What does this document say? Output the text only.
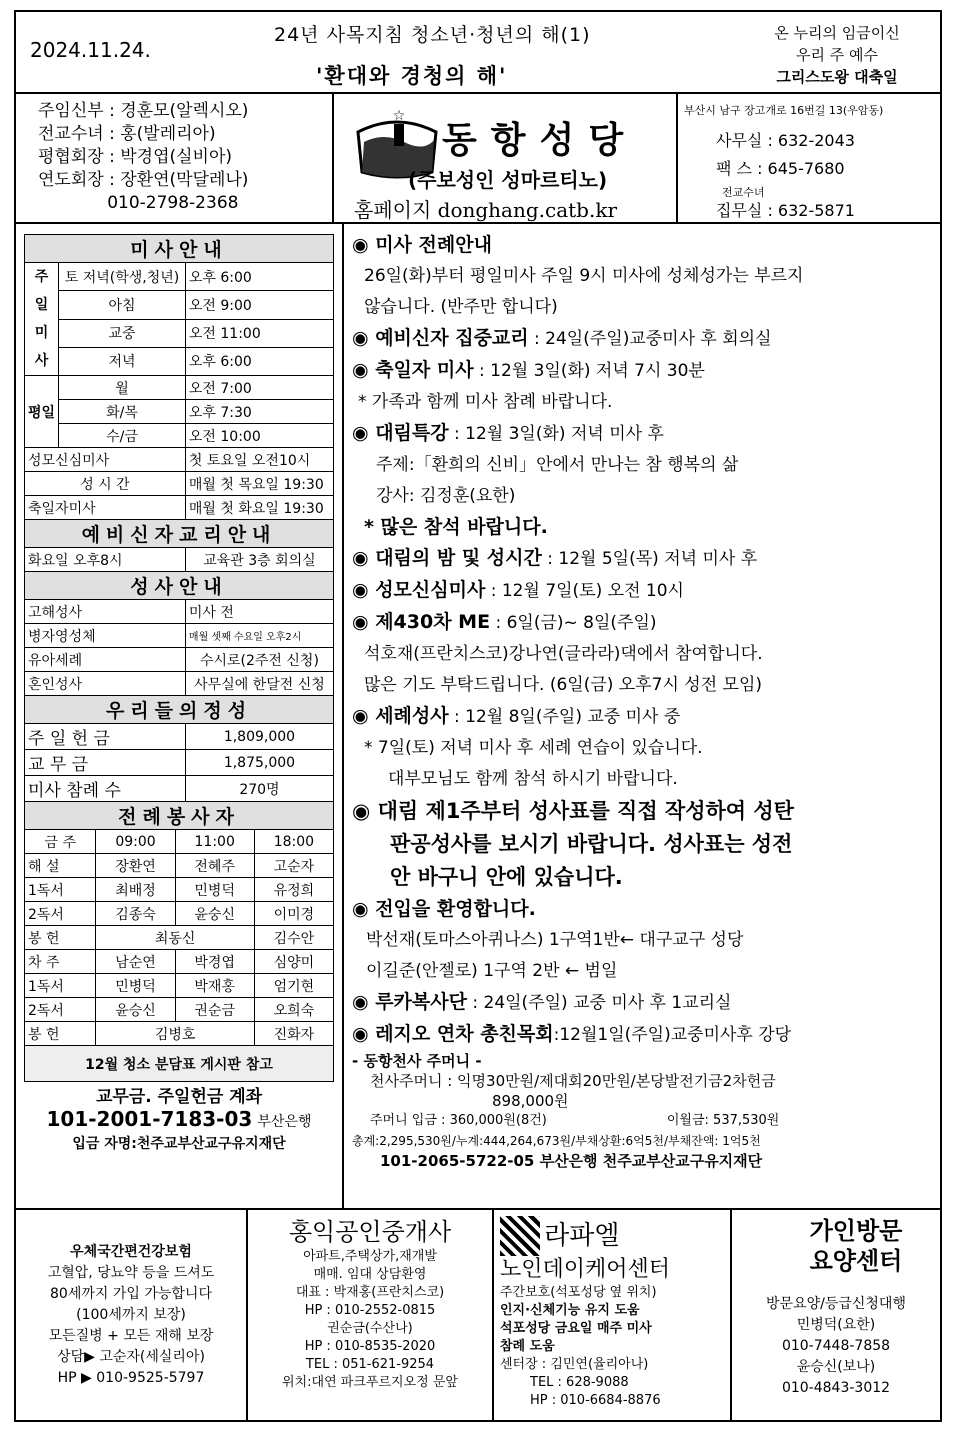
2024.11.24.
24년 사목지침 청소년·청년의 해(1)
'환대와 경청의 해'
온 누리의 임금이신
우리 주 예수
그리스도왕 대축일
주임신부 : 경훈모(알렉시오)
전교수녀 : 홍(발레리아)
평협회장 : 박경엽(실비아)
연도회장 : 장환연(막달레나)
010-2798-2368
☆
동항성당
(주보성인 성마르티노)
홈페이지 donghang.catb.kr
부산시 남구 장고개로 16번길 13(우암동)
사무실 : 632-2043
팩 스 : 645-7680
전교수녀
집무실 : 632-5871
미사안내		
주
일
미
사	토 저녁(학생,청년)	오후 6:00
	아침	오전 9:00
	교중	오전 11:00
	저녁	오후 6:00
평일	월	오전 7:00
	화/목	오후 7:30
	수/금	오전 10:00
성모신심미사		첫 토요일 오전10시
성 시 간		매월 첫 목요일 19:30
축일자미사		매월 첫 화요일 19:30
예비신자교리안내		
화요일 오후8시		교육관 3층 회의실
성사안내		
고해성사		미사 전
병자영성체		매월 셋째 수요일 오후2시
유아세례		수시로(2주전 신청)
혼인성사		사무실에 한달전 신청
우리들의정성		
주 일 헌 금		1,809,000
교 무 금		1,875,000
미사 참례 수		270명
전례봉사자			
금 주	09:00	11:00	18:00
해 설	장환연	전혜주	고순자
1독서	최배정	민병덕	유정희
2독서	김종숙	윤숭신	이미경
봉 헌	최동신		김수안
차 주	남순연	박경엽	심양미
1독서	민병덕	박재홍	엄기현
2독서	윤승신	권순금	오희숙
봉 헌	김병호		진화자
12월 청소 분담표 게시판 참고			
교무금. 주일헌금 계좌
101-2001-7183-03 부산은행
입금 자명:천주교부산교구유지재단
◉ 미사 전례안내
26일(화)부터 평일미사 주일 9시 미사에 성체성가는 부르지
않습니다. (반주만 합니다)
◉ 예비신자 집중교리 : 24일(주일)교중미사 후 회의실
◉ 축일자 미사 : 12월 3일(화) 저녁 7시 30분
* 가족과 함께 미사 참례 바랍니다.
◉ 대림특강 : 12월 3일(화) 저녁 미사 후
주제:「환희의 신비」안에서 만나는 참 행복의 삶
강사: 김정훈(요한)
* 많은 참석 바랍니다.
◉ 대림의 밤 및 성시간 : 12월 5일(목) 저녁 미사 후
◉ 성모신심미사 : 12월 7일(토) 오전 10시
◉ 제430차 ME : 6일(금)~ 8일(주일)
석호재(프란치스코)강나연(글라라)댁에서 참여합니다.
많은 기도 부탁드립니다. (6일(금) 오후7시 성전 모임)
◉ 세례성사 : 12월 8일(주일) 교중 미사 중
* 7일(토) 저녁 미사 후 세례 연습이 있습니다.
대부모님도 함께 참석 하시기 바랍니다.
◉ 대림 제1주부터 성사표를 직접 작성하여 성탄
판공성사를 보시기 바랍니다. 성사표는 성전
안 바구니 안에 있습니다.
◉ 전입을 환영합니다.
박선재(토마스아퀴나스) 1구역1반← 대구교구 성당
이길준(안젤로) 1구역 2반 ← 범일
◉ 루카복사단 : 24일(주일) 교중 미사 후 1교리실
◉ 레지오 연차 총친목회:12월1일(주일)교중미사후 강당
- 동항천사 주머니 -
천사주머니 : 익명30만원/제대회20만원/본당발전기금2차헌금
898,000원
주머니 입금 : 360,000원(8건)	이월금: 537,530원
총계:2,295,530원/누계:444,264,673원/부채상환:6억5천/부채잔액: 1억5천
101-2065-5722-05 부산은행 천주교부산교구유지재단
우체국간편건강보험
고혈압, 당뇨약 등을 드셔도
80세까지 가입 가능합니다
(100세까지 보장)
모든질병 + 모든 재해 보장
상담▶ 고순자(세실리아)
HP ▶ 010-9525-5797
홍익공인중개사
아파트,주택상가,재개발
매매. 임대 상담환영
대표 : 박재홍(프란치스코)
HP : 010-2552-0815
권순금(수산나)
HP : 010-8535-2020
TEL : 051-621-9254
위치:대연 파크푸르지오정 문앞
라파엘
노인데이케어센터
주간보호(석포성당 옆 위치)
인지·신체기능 유지 도움
석포성당 금요일 매주 미사
참례 도움
센터장 : 김민연(율리아나)
TEL : 628-9088
HP : 010-6684-8876
가인방문
요양센터
방문요양/등급신청대행
민병덕(요한)
010-7448-7858
윤승신(보나)
010-4843-3012
